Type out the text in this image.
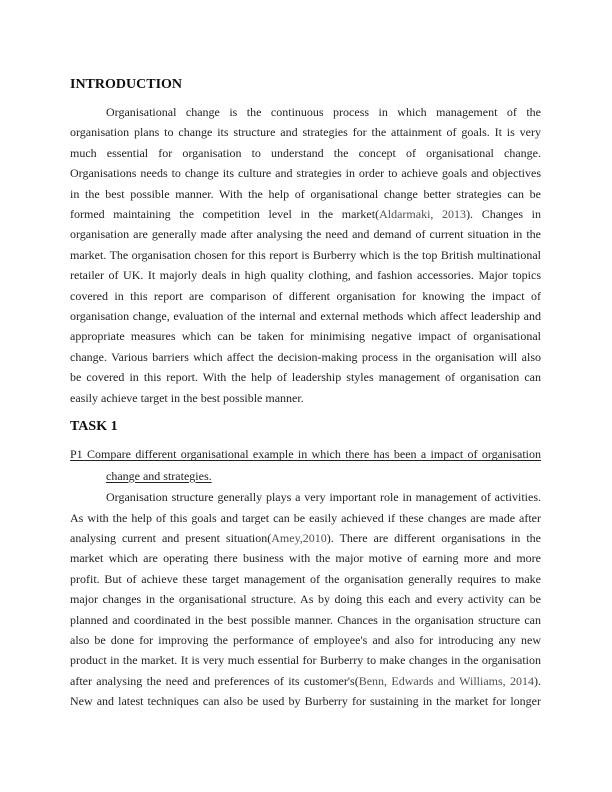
INTRODUCTION
Organisational change is the continuous process in which management of the
organisation plans to change its structure and strategies for the attainment of goals. It is very
much essential for organisation to understand the concept of organisational change.
Organisations needs to change its culture and strategies in order to achieve goals and objectives
in the best possible manner. With the help of organisational change better strategies can be
formed maintaining the competition level in the market(Aldarmaki, 2013). Changes in
organisation are generally made after analysing the need and demand of current situation in the
market. The organisation chosen for this report is Burberry which is the top British multinational
retailer of UK. It majorly deals in high quality clothing, and fashion accessories. Major topics
covered in this report are comparison of different organisation for knowing the impact of
organisation change, evaluation of the internal and external methods which affect leadership and
appropriate measures which can be taken for minimising negative impact of organisational
change. Various barriers which affect the decision-making process in the organisation will also
be covered in this report. With the help of leadership styles management of organisation can
easily achieve target in the best possible manner.
TASK 1
P1 Compare different organisational example in which there has been a impact of organisation
change and strategies.
Organisation structure generally plays a very important role in management of activities.
As with the help of this goals and target can be easily achieved if these changes are made after
analysing current and present situation(Amey,2010). There are different organisations in the
market which are operating there business with the major motive of earning more and more
profit. But of achieve these target management of the organisation generally requires to make
major changes in the organisational structure. As by doing this each and every activity can be
planned and coordinated in the best possible manner. Chances in the organisation structure can
also be done for improving the performance of employee's and also for introducing any new
product in the market. It is very much essential for Burberry to make changes in the organisation
after analysing the need and preferences of its customer's(Benn, Edwards and Williams, 2014).
New and latest techniques can also be used by Burberry for sustaining in the market for longer
